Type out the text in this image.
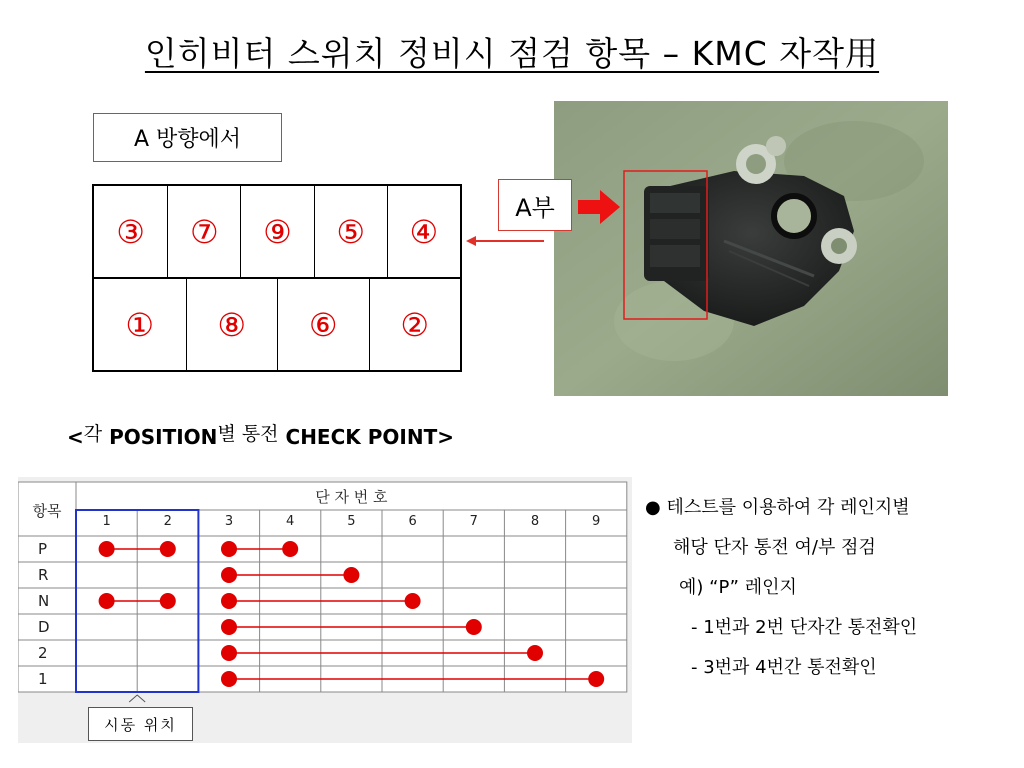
인히비터 스위치 정비시 점검 항목 – KMC 자작用
A 방향에서
③	⑦	⑨	⑤	④
①	⑧	⑥	②
A부
<각 POSITION별 통전 CHECK POINT>
시동 위치
항목
단 자 번 호
1	2	3	4	5	6	7	8	9
P
R
N
D
2
1
● 테스트를 이용하여 각 레인지별
해당 단자 통전 여/부 점검
예) “P” 레인지
- 1번과 2번 단자간 통전확인
- 3번과 4번간 통전확인
